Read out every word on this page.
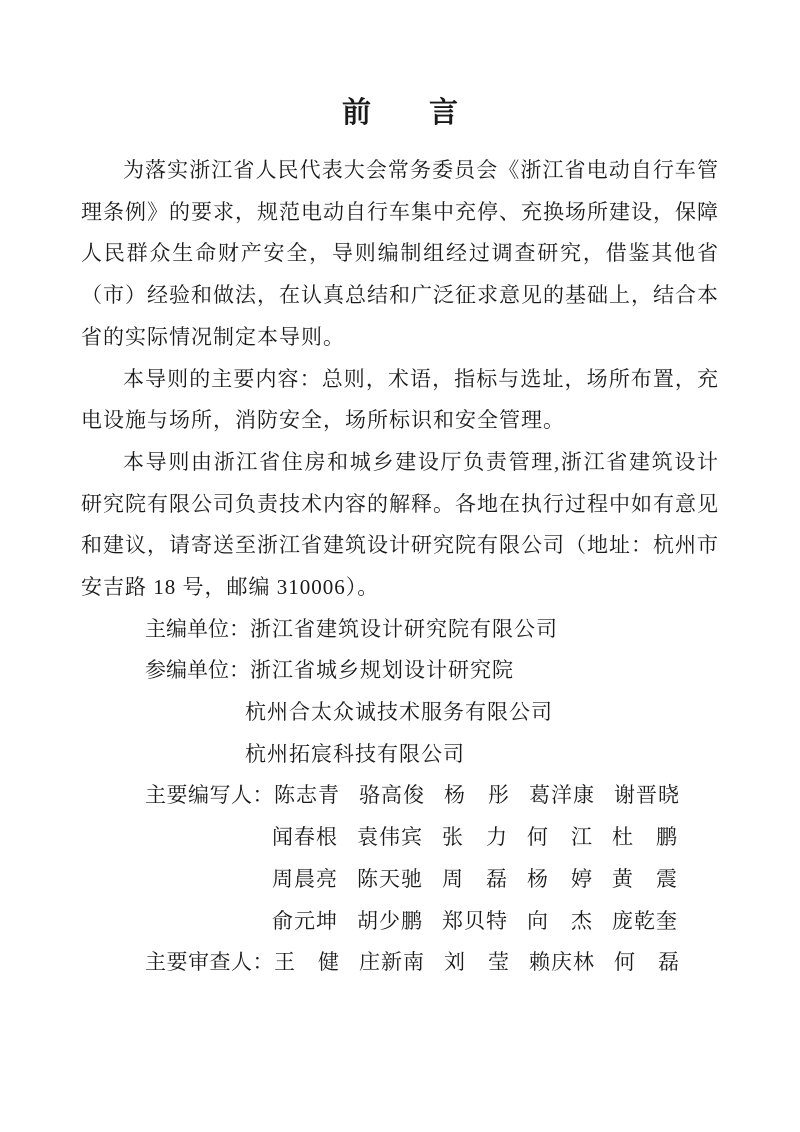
前　　言

为落实浙江省人民代表大会常务委员会《浙江省电动自行车管理条例》的要求，规范电动自行车集中充停、充换场所建设，保障人民群众生命财产安全，导则编制组经过调查研究，借鉴其他省（市）经验和做法，在认真总结和广泛征求意见的基础上，结合本省的实际情况制定本导则。

本导则的主要内容：总则，术语，指标与选址，场所布置，充电设施与场所，消防安全，场所标识和安全管理。

本导则由浙江省住房和城乡建设厅负责管理,浙江省建筑设计研究院有限公司负责技术内容的解释。各地在执行过程中如有意见和建议，请寄送至浙江省建筑设计研究院有限公司（地址：杭州市安吉路 18 号，邮编 310006）。

主编单位： 浙江省建筑设计研究院有限公司
参编单位： 浙江省城乡规划设计研究院
杭州合太众诚技术服务有限公司
杭州拓宸科技有限公司
主要编写人： 陈志青 骆高俊 杨　彤 葛洋康 谢晋晓
闻春根 袁伟宾 张　力 何　江 杜　鹏
周晨亮 陈天驰 周　磊 杨　婷 黄　震
俞元坤 胡少鹏 郑贝特 向　杰 庞乾奎
主要审查人： 王　健 庄新南 刘　莹 赖庆林 何　磊
